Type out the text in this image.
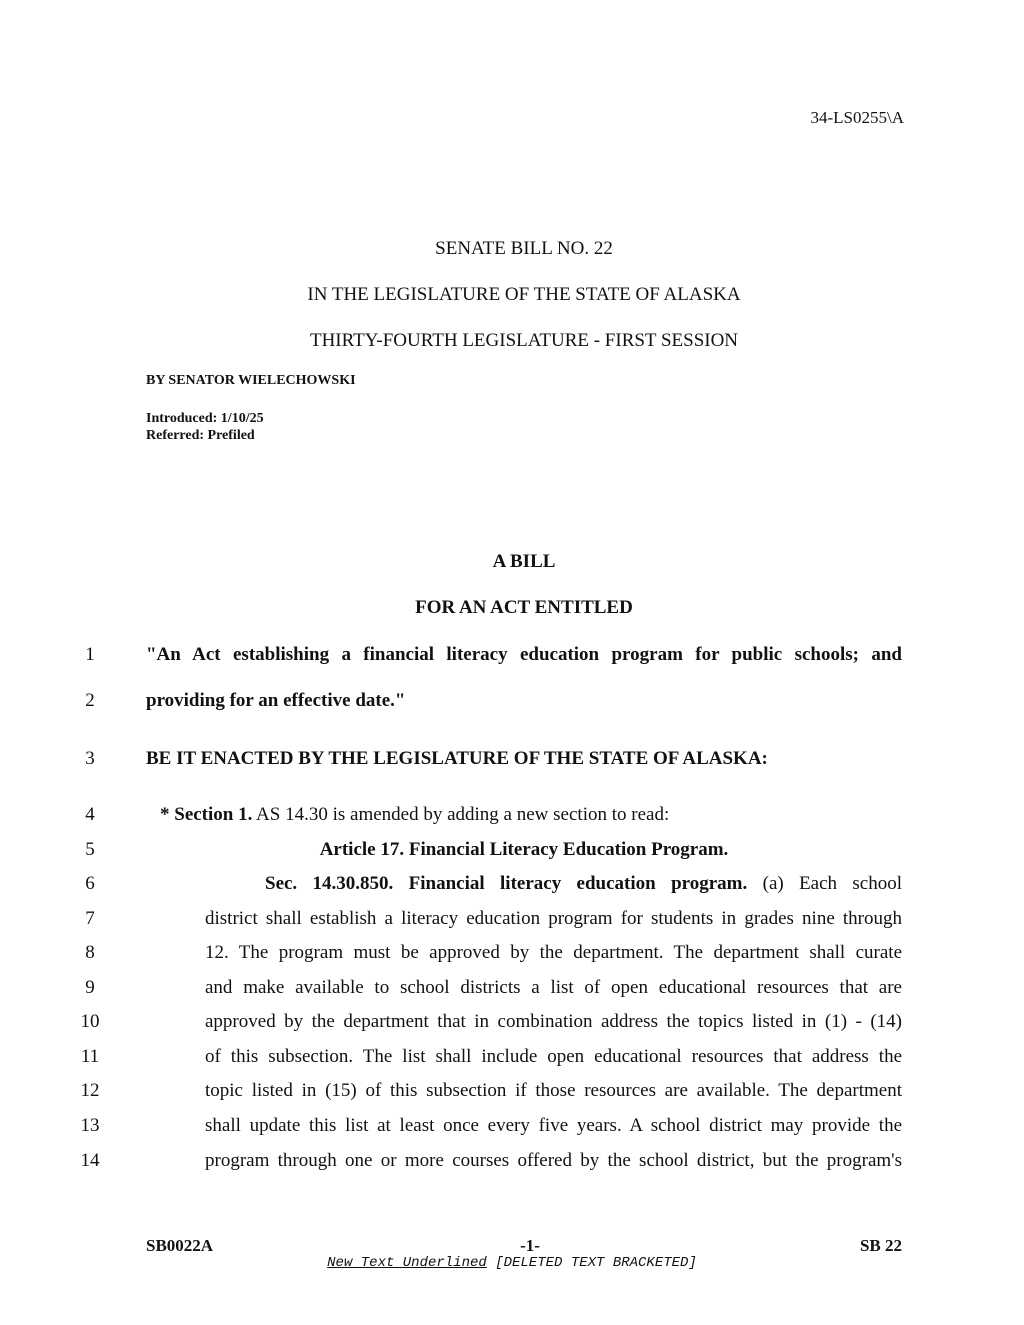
34-LS0255\A
SENATE BILL NO. 22
IN THE LEGISLATURE OF THE STATE OF ALASKA
THIRTY-FOURTH LEGISLATURE - FIRST SESSION
BY SENATOR WIELECHOWSKI
Introduced: 1/10/25
Referred: Prefiled
A BILL
FOR AN ACT ENTITLED
1
2
3
4
5
6
7
8
9
10
11
12
13
14
"An Act establishing a financial literacy education program for public schools; and
providing for an effective date."
BE IT ENACTED BY THE LEGISLATURE OF THE STATE OF ALASKA:
* Section 1. AS 14.30 is amended by adding a new section to read:
Article 17. Financial Literacy Education Program.
Sec. 14.30.850. Financial literacy education program. (a) Each school
district shall establish a literacy education program for students in grades nine through
12. The program must be approved by the department. The department shall curate
and make available to school districts a list of open educational resources that are
approved by the department that in combination address the topics listed in (1) - (14)
of this subsection. The list shall include open educational resources that address the
topic listed in (15) of this subsection if those resources are available. The department
shall update this list at least once every five years. A school district may provide the
program through one or more courses offered by the school district, but the program's
SB0022A	-1-	SB 22
New Text Underlined [DELETED TEXT BRACKETED]
